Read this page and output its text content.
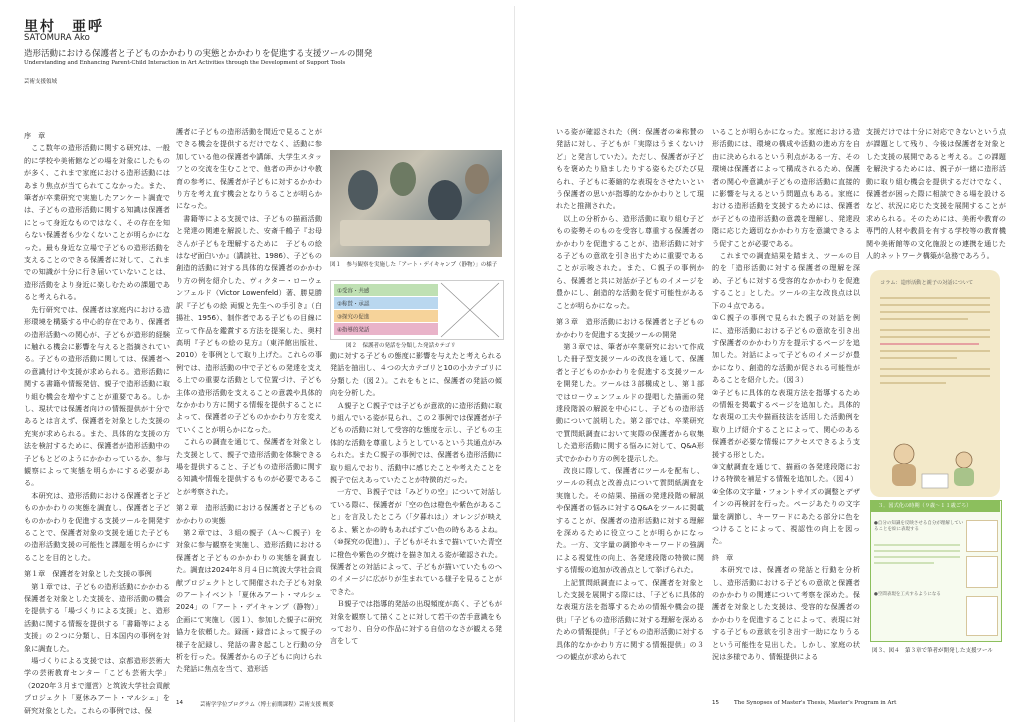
里村　亜呼
SATOMURA Ako
造形活動における保護者と子どものかかわりの実態とかかわりを促進する支援ツールの開発
Understanding and Enhancing Parent-Child Interaction in Art Activities through the Development of Support Tools
芸術支援領域

序　章

　ここ数年の造形活動に関する研究は、一般的に学校や美術館などの場を対象にしたものが多く、これまで家庭における造形活動にはあまり焦点が当てられてこなかった。また、筆者が卒業研究で実施したアンケート調査では、子どもの造形活動に関する知識は保護者にとって身近なものではなく、その存在を知らない保護者も少なくないことが明らかになった。最も身近な立場で子どもの造形活動を支えることのできる保護者に対して、これまでの知識が十分に行き届いていないことは、造形活動をより身近に楽しむための課題であると考えられる。

　先行研究では、保護者は家庭内における造形環境を構築する中心的存在であり、保護者の造形活動への関心が、子どもが造形的経験に触れる機会に影響を与えると指摘されている。子どもの造形活動に関しては、保護者への意識付けや支援が求められる。造形活動に関する書籍や情報発信、親子で造形活動に取り組む機会を増やすことが重要である。しかし、現状では保護者向けの情報提供が十分であるとは言えず、保護者を対象とした支援の充実が求められる。また、具体的な支援の方法を検討するために、保護者が造形活動中の子どもとどのようにかかわっているか、参与観察によって実態を明らかにする必要がある。

　本研究は、造形活動における保護者と子どものかかわりの実態を調査し、保護者と子どものかかわりを促進する支援ツールを開発することで、保護者対象の支援を通じた子どもの造形活動支援の可能性と課題を明らかにすることを目的とした。

第１章　保護者を対象とした支援の事例

　第１章では、子どもの造形活動にかかわる保護者を対象とした支援を、造形活動の機会を提供する「場づくりによる支援」と、造形活動に関する情報を提供する「書籍等による支援」の２つに分類し、日本国内の事例を対象に調査した。

　場づくりによる支援では、京都造形芸術大学の芸術教育センター「こども芸術大学」（2020年３月まで運営）と筑波大学社会貢献プロジェクト「夏休みアート・マルシェ」を研究対象とした。これらの事例では、保

護者に子どもの造形活動を間近で見ることができる機会を提供するだけでなく、活動に参加している他の保護者や講師、大学生スタッフとの交流を生むことで、他者の声かけや教育の参考に、保護者が子どもに対するかかわり方を考え直す機会となりうることが明らかになった。

　書籍等による支援では、子どもの描画活動と発達の関連を解説した、安斎千鶴子『お母さんが子どもを理解するために　子どもの絵はなぜ面白いか』（講談社、1986）、子どもの創造的活動に対する具体的な保護者のかかわり方の例を紹介した、ヴィクター・ローウェンフェルド（Victor Lowenfeld）著、勝見勝訳『子どもの絵 両親と先生への手引き』（白揚社、1956）、制作者である子どもの目線に立って作品を鑑賞する方法を提案した、奥村高明『子どもの絵の見方』（東洋館出版社、2010）を事例として取り上げた。これらの事例では、造形活動の中で子どもの発達を支える上での重要な活動として位置づけ、子ども主体の造形活動を支えることの意義や具体的なかかわり方に関する情報を提供することによって、保護者の子どものかかわり方を変えていくことが明らかになった。

　これらの調査を通じて、保護者を対象とした支援として、親子で造形活動を体験できる場を提供すること、子どもの造形活動に関する知識や情報を提供するものが必要であることが考察された。

第２章　造形活動における保護者と子どものかかわりの実態

　第２章では、３組の親子（Ａ〜Ｃ親子）を対象に参与観察を実施し、造形活動における保護者と子どものかかわりの実態を調査した。調査は2024年８月４日に筑波大学社会貢献プロジェクトとして開催された子ども対象のアートイベント「夏休みアート・マルシェ2024」の「アート・デイキャンプ（静物）」企画にて実施し（図１）、参加した親子に研究協力を依頼した。録画・録音によって親子の様子を記録し、発話の書き起こしと行動の分析を行った。保護者からの子どもに向けられた発話に焦点を当て、造形活

動に対する子どもの態度に影響を与えたと考えられる発話を抽出し、４つの大カテゴリと10の小カテゴリに分類した（図２）。これをもとに、保護者の発話の傾向を分析した。

　Ａ親子とＣ親子では子どもが意欲的に造形活動に取り組んでいる姿が見られ、この２事例では保護者が子どもの活動に対して受容的な態度を示し、子どもの主体的な活動を尊重しようとしているという共通点がみられた。またＣ親子の事例では、保護者も造形活動に取り組んでおり、活動中に感じたことや考えたことを親子で伝えあっていたことが特徴的だった。

　一方で、Ｂ親子では「みどりの空」について対話している際に、保護者が「空の色は橙色や紫色があること」を言及したところ（「夕暮れは」）オレンジが映えるよ、紫とかの時もあればすごい色の時もあるよね。（⑩探究の促進）」、子どもがそれまで描いていた青空に橙色や紫色の夕焼けを描き加える姿が確認された。保護者との対話によって、子どもが描いていたものへのイメージに広がりが生まれている様子を見ることができた。

　Ｂ親子では指導的発話の出現頻度が高く、子どもが対象を観察して描くことに対して若干の苦手意識をもっており、自分の作品に対する自信のなさが観える発言をして

いる姿が確認された（例：保護者の④称賛の発話に対し、子どもが「実際はうまくないけど」と発言していた）。ただし、保護者が子どもを褒めたり励ましたりする姿もたびたび見られ、子どもに萎縮的な表現をさせたいという保護者の思いが指導的なかかわりとして現れたと推測された。

　以上の分析から、造形活動に取り組む子どもの姿勢そのものを受容し尊重する保護者のかかわりを促進することが、造形活動に対する子どもの意欲を引き出すために重要であることが示唆された。また、Ｃ親子の事例から、保護者と共に対話が子どものイメージを豊かにし、創造的な活動を促す可能性があることが明らかになった。

第３章　造形活動における保護者と子どものかかわりを促進する支援ツールの開発

　第３章では、筆者が卒業研究において作成した冊子型支援ツールの改良を通して、保護者と子どものかかわりを促進する支援ツールを開発した。ツールは３部構成とし、第１部ではローウェンフェルドの提唱した描画の発達段階説の解説を中心にし、子どもの造形活動について説明した。第２部では、卒業研究で質問紙調査において実際の保護者から収集した造形活動に関する悩みに対して、Q&A形式でかかわり方の例を提示した。

　改良に際して、保護者にツールを配布し、ツールの利点と改善点について質問紙調査を実施した。その結果、描画の発達段階の解説や保護者の悩みに対するQ&Aをツールに掲載することが、保護者の造形活動に対する理解を深めるために役立つことが明らかになった。一方、文字量の調節やキーワードの強調による視覚性の向上、各発達段階の特徴に関する情報の追加が改善点として挙げられた。

　上記質問紙調査によって、保護者を対象とした支援を展開する際には、「子どもに具体的な表現方法を指導するための情報や機会の提供」「子どもの造形活動に対する理解を深めるための情報提供」「子どもの造形活動に対する具体的なかかわり方に関する情報提供」の３つの観点が求められて

いることが明らかになった。家庭における造形活動には、環境の構成や活動の進め方を自由に決められるという利点がある一方、その環境は保護者によって構成されるため、保護者の関心や意識が子どもの造形活動に直接的に影響を与えるという問題点もある。家庭における造形活動を支援するためには、保護者が子どもの造形活動の意義を理解し、発達段階に応じた適切なかかわり方を意識できるよう促すことが必要である。

　これまでの調査結果を踏まえ、ツールの目的を「造形活動に対する保護者の理解を深め、子どもに対する受容的なかかわりを促進すること」とした。ツールの主な改良点は以下の４点である。

①Ｃ親子の事例で見られた親子の対話を例に、造形活動における子どもの意欲を引き出す保護者のかかわり方を提示するページを追加した。対話によって子どものイメージが豊かになり、創造的な活動が促される可能性があることを紹介した。（図３）

②子どもに具体的な表現方法を指導するための情報を掲載するページを追加した。具体的な表現の工夫や描画技法を活用した活動例を取り上げ紹介することによって、関心のある保護者が必要な情報にアクセスできるよう支援する形とした。

③文献調査を通じて、描画の各発達段階における特徴を補足する情報を追加した。（図４）

④全体の文字量・フォントサイズの調整とデザインの再検討を行った。ページあたりの文字量を調節し、キーワードにあたる部分に色をつけることによって、視認性の向上を図った。

終　章

　本研究では、保護者の発話と行動を分析し、造形活動における子どもの意欲と保護者のかかわりの関連について考察を深めた。保護者を対象とした支援は、受容的な保護者のかかわりを促進することによって、表現に対する子どもの意欲を引き出す一助になりうるという可能性を見出した。しかし、家庭の状況は多様であり、情報提供による

支援だけでは十分に対応できないという点が課題として残り、今後は保護者を対象とした支援の展開であると考える。この課題を解決するためには、親子が一緒に造形活動に取り組む機会を提供するだけでなく、保護者が困った際に相談できる場を設けるなど、状況に応じた支援を展開することが求められる。そのためには、美術や教育の専門的人材や教員を有する学校等の教育機関や美術館等の文化施設との連携を通じた人的ネットワーク構築が急務であろう。

図１　参与観察を実施した「アート・デイキャンプ（静物）」の様子
①受容・共感
②称賛・承認
③探究の促進
④指導的発話
図２　保護者の発話を分類した発話カテゴリ
コラム：造形活動と親子の対話について
３．図式化の時期（９歳〜１１歳ごろ）
●自分の知識を反映させる自分が理解していることを絵に表現する
●空間表現を工夫するようになる
図３、図４　第３章で筆者が開発した支援ツール
14	芸術学学位プログラム（博士前期課程）芸術支援 概要	15	The Synopses of Master's Thesis, Master's Program in Art
